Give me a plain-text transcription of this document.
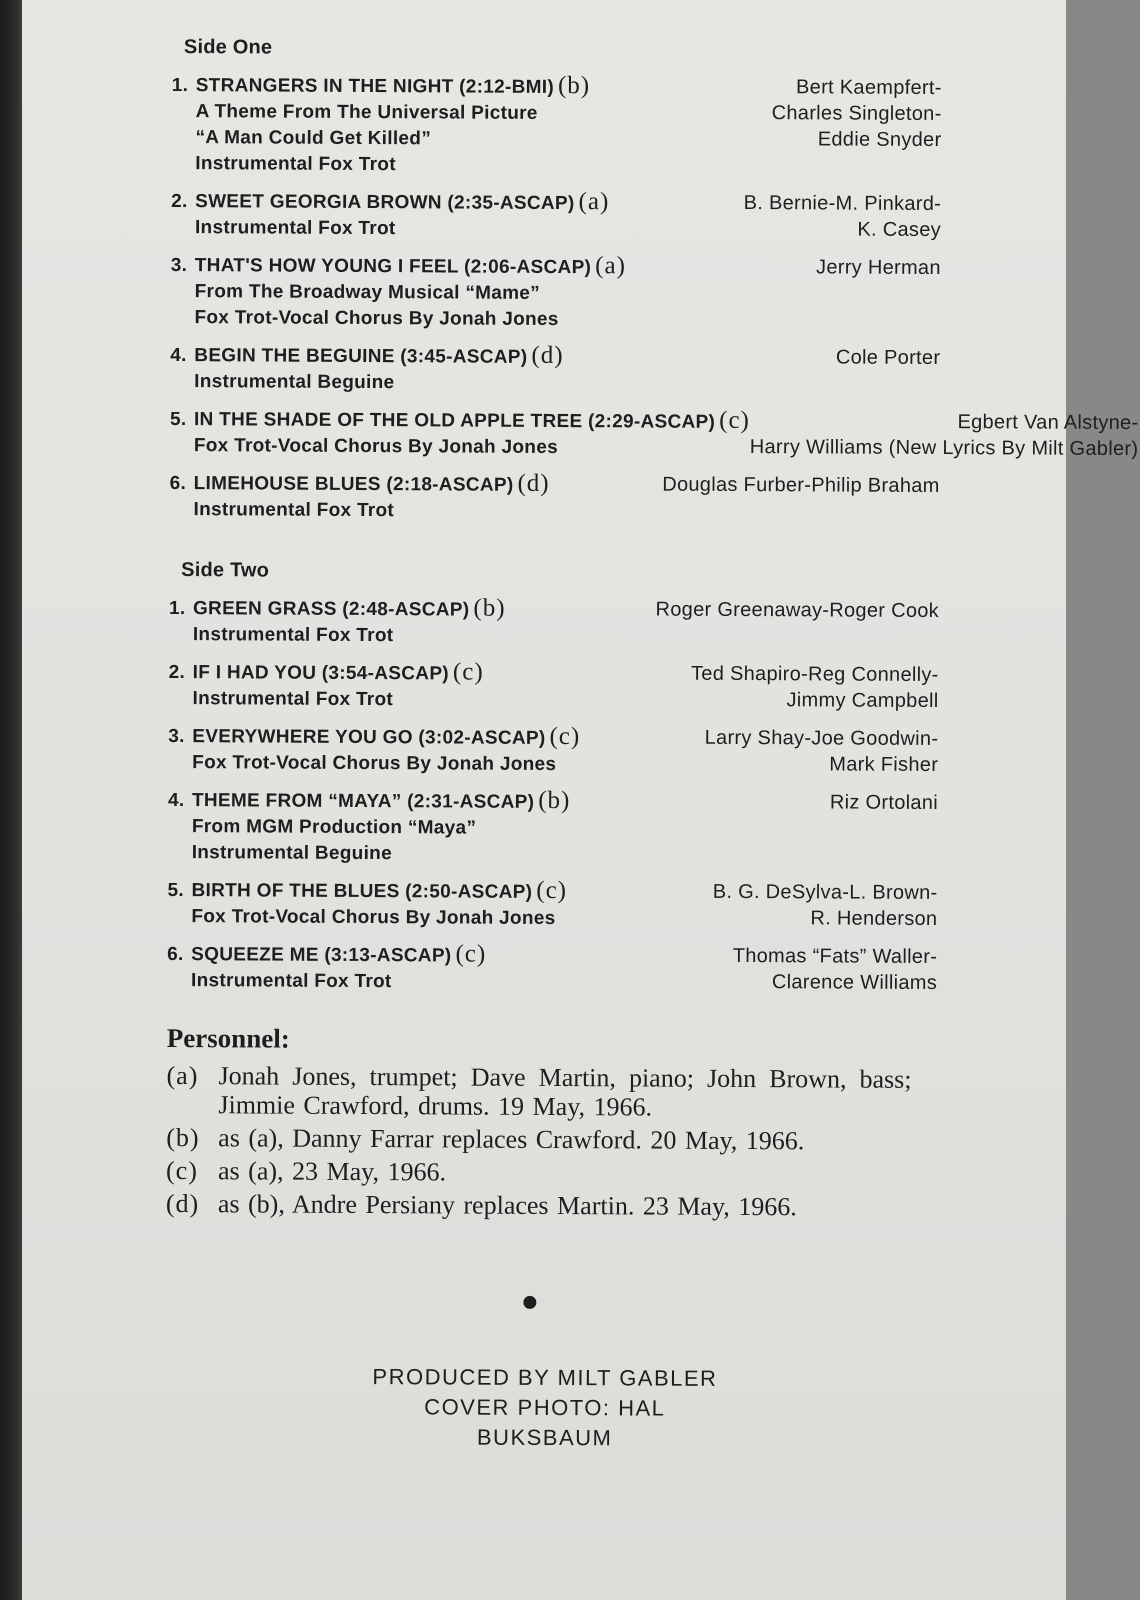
Side One
1. STRANGERS IN THE NIGHT (2:12-BMI) (b)
A Theme From The Universal Picture
“A Man Could Get Killed”
Instrumental Fox Trot
Bert Kaempfert-
Charles Singleton-
Eddie Snyder
2. SWEET GEORGIA BROWN (2:35-ASCAP) (a)
Instrumental Fox Trot
B. Bernie-M. Pinkard-
K. Casey
3. THAT'S HOW YOUNG I FEEL (2:06-ASCAP) (a)
From The Broadway Musical “Mame”
Fox Trot-Vocal Chorus By Jonah Jones
Jerry Herman
4. BEGIN THE BEGUINE (3:45-ASCAP) (d)
Instrumental Beguine
Cole Porter
5. IN THE SHADE OF THE OLD APPLE TREE (2:29-ASCAP) (c)
Fox Trot-Vocal Chorus By Jonah Jones
Egbert Van Alstyne-
Harry Williams (New Lyrics By Milt Gabler)
6. LIMEHOUSE BLUES (2:18-ASCAP) (d)
Instrumental Fox Trot
Douglas Furber-Philip Braham
Side Two
1. GREEN GRASS (2:48-ASCAP) (b)
Instrumental Fox Trot
Roger Greenaway-Roger Cook
2. IF I HAD YOU (3:54-ASCAP) (c)
Instrumental Fox Trot
Ted Shapiro-Reg Connelly-
Jimmy Campbell
3. EVERYWHERE YOU GO (3:02-ASCAP) (c)
Fox Trot-Vocal Chorus By Jonah Jones
Larry Shay-Joe Goodwin-
Mark Fisher
4. THEME FROM “MAYA” (2:31-ASCAP) (b)
From MGM Production “Maya”
Instrumental Beguine
Riz Ortolani
5. BIRTH OF THE BLUES (2:50-ASCAP) (c)
Fox Trot-Vocal Chorus By Jonah Jones
B. G. DeSylva-L. Brown-
R. Henderson
6. SQUEEZE ME (3:13-ASCAP) (c)
Instrumental Fox Trot
Thomas “Fats” Waller-
Clarence Williams
Personnel:
(a) Jonah Jones, trumpet; Dave Martin, piano; John Brown, bass; Jimmie Crawford, drums. 19 May, 1966.
(b) as (a), Danny Farrar replaces Crawford. 20 May, 1966.
(c) as (a), 23 May, 1966.
(d) as (b), Andre Persiany replaces Martin. 23 May, 1966.
PRODUCED BY MILT GABLER
COVER PHOTO: HAL BUKSBAUM
